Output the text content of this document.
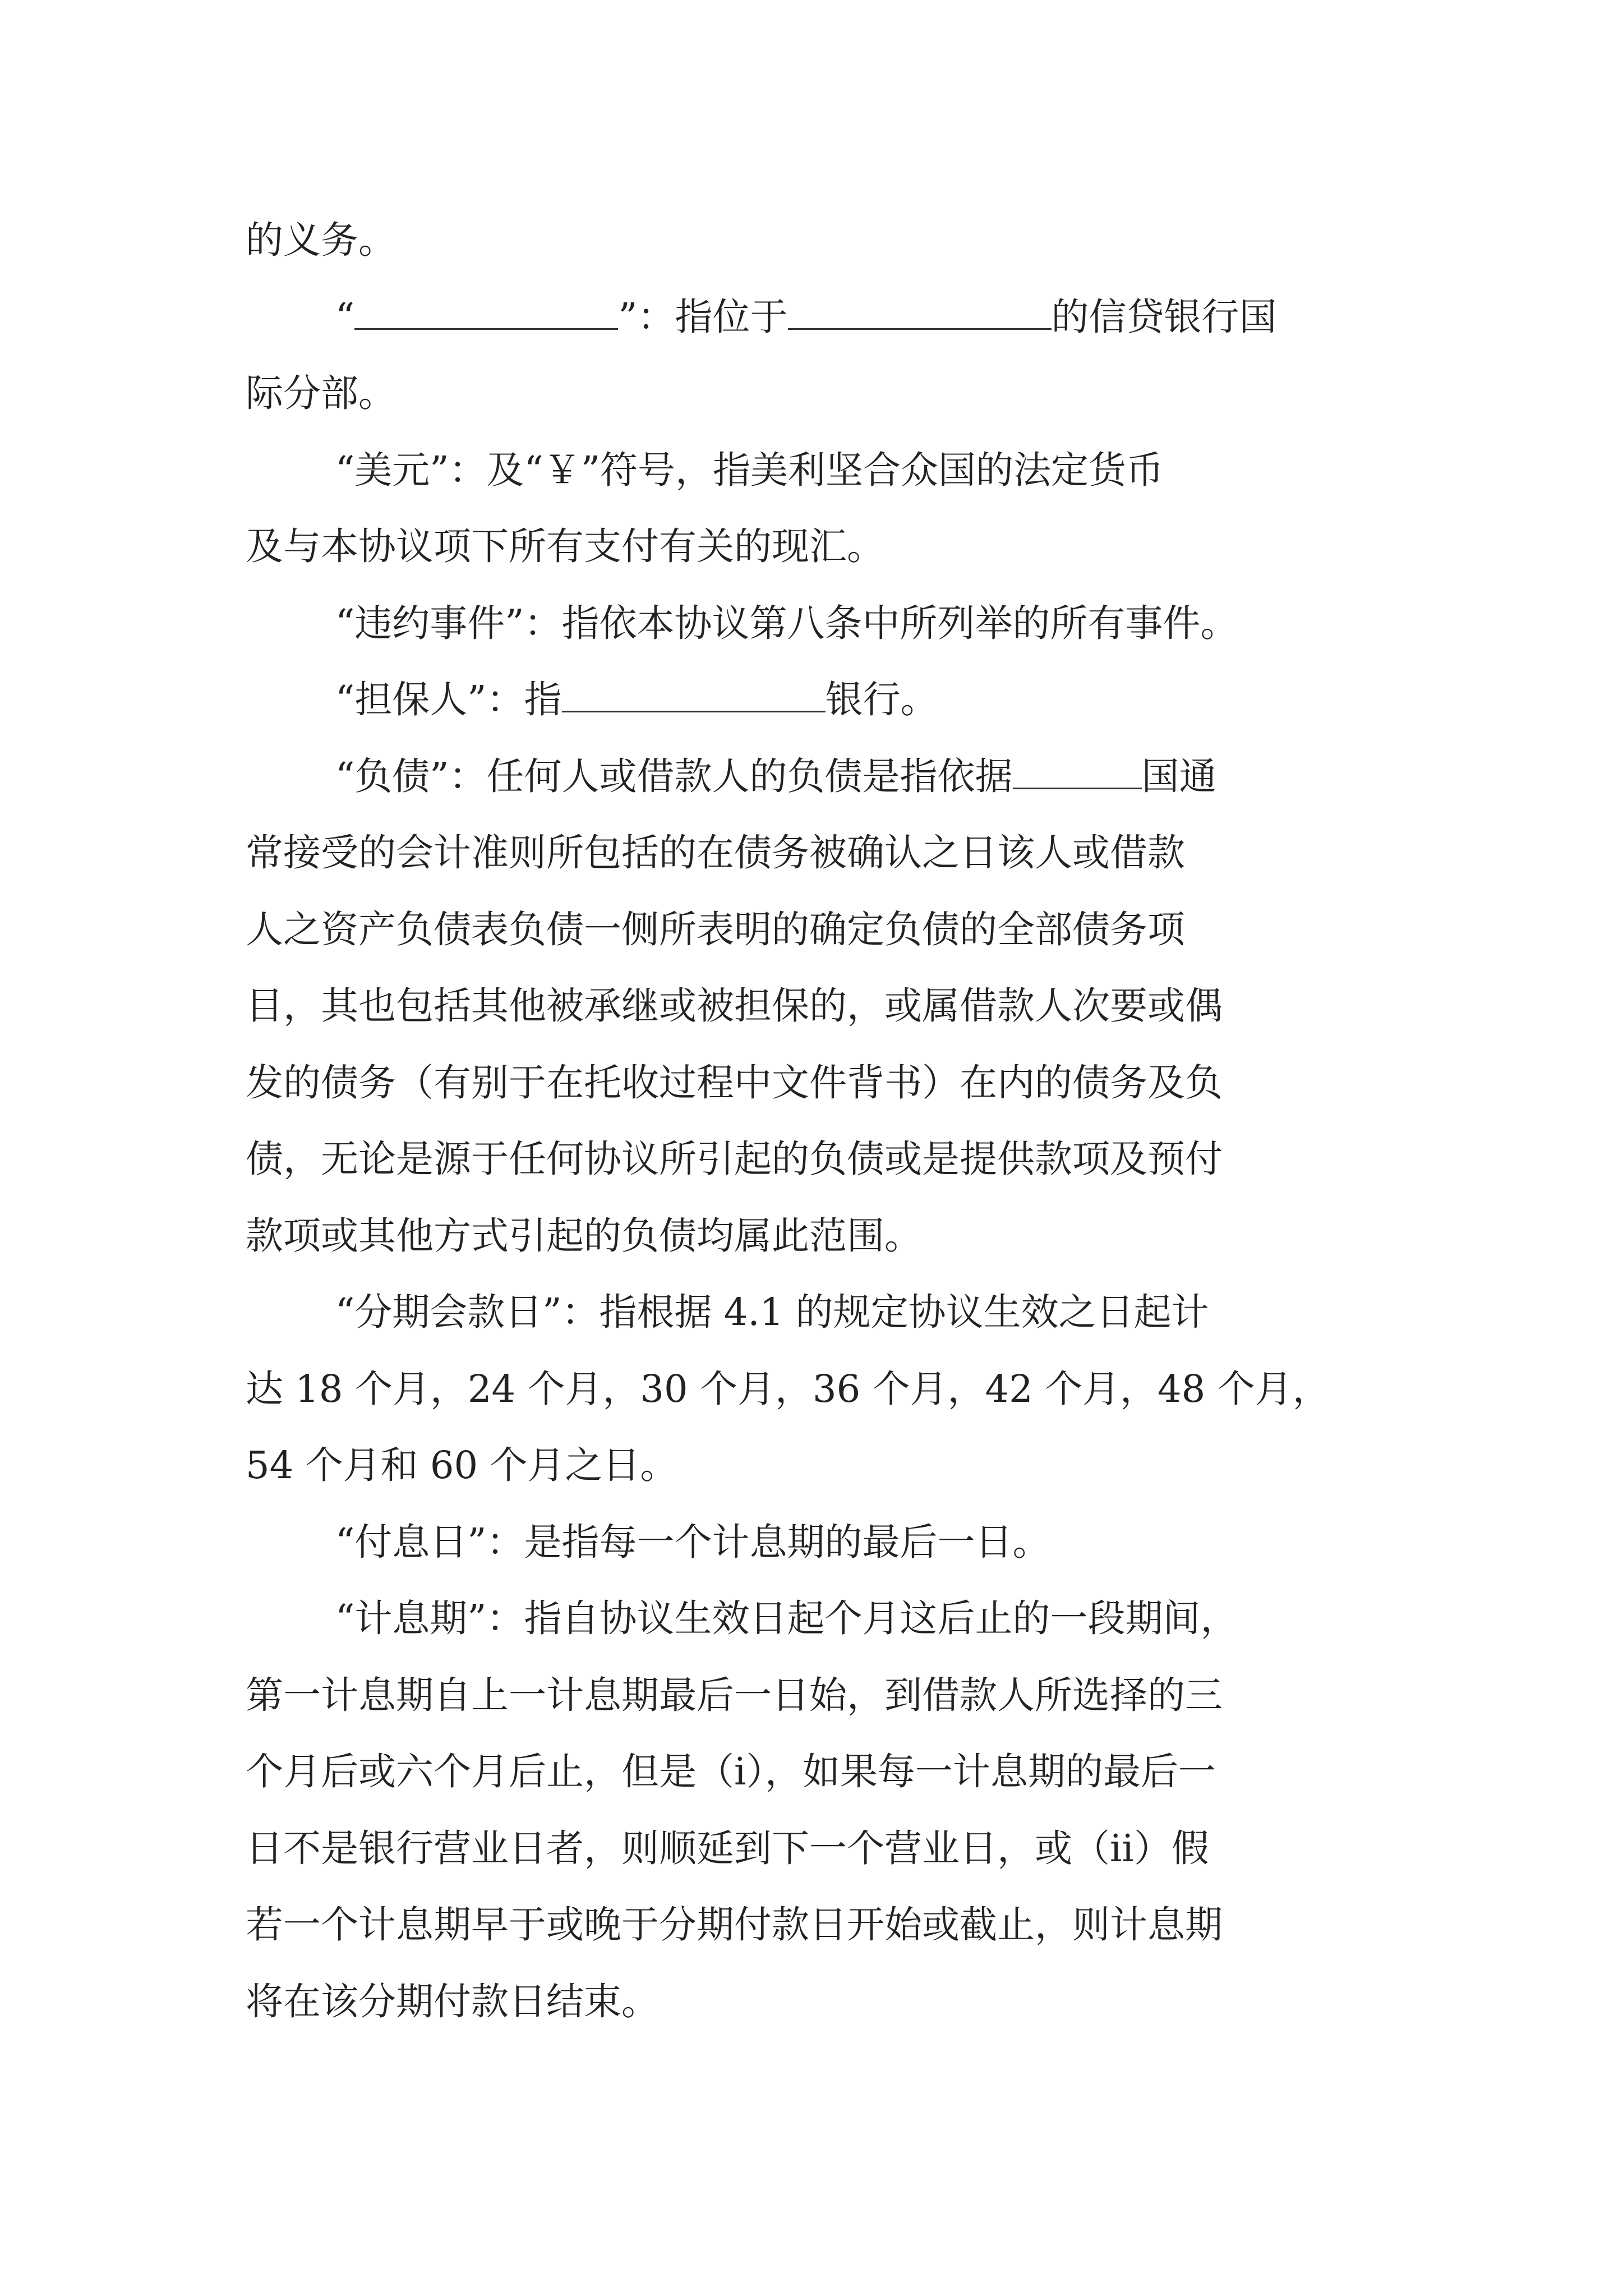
的义务。
“	”：指位于	的信贷银行国
际分部。
“美元”：及“￥”符号，指美利坚合众国的法定货币
及与本协议项下所有支付有关的现汇。
“违约事件”：指依本协议第八条中所列举的所有事件。
“担保人”：指	银行。
“负债”：任何人或借款人的负债是指依据	国通
常接受的会计准则所包括的在债务被确认之日该人或借款
人之资产负债表负债一侧所表明的确定负债的全部债务项
目，其也包括其他被承继或被担保的，或属借款人次要或偶
发的债务（有别于在托收过程中文件背书）在内的债务及负
债，无论是源于任何协议所引起的负债或是提供款项及预付
款项或其他方式引起的负债均属此范围。
“分期会款日”：指根据 4.1 的规定协议生效之日起计
达 18 个月，24 个月，30 个月，36 个月，42 个月，48 个月，
54 个月和 60 个月之日。
“付息日”：是指每一个计息期的最后一日。
“计息期”：指自协议生效日起个月这后止的一段期间，
第一计息期自上一计息期最后一日始，到借款人所选择的三
个月后或六个月后止，但是（i），如果每一计息期的最后一
日不是银行营业日者，则顺延到下一个营业日，或（ii）假
若一个计息期早于或晚于分期付款日开始或截止，则计息期
将在该分期付款日结束。
